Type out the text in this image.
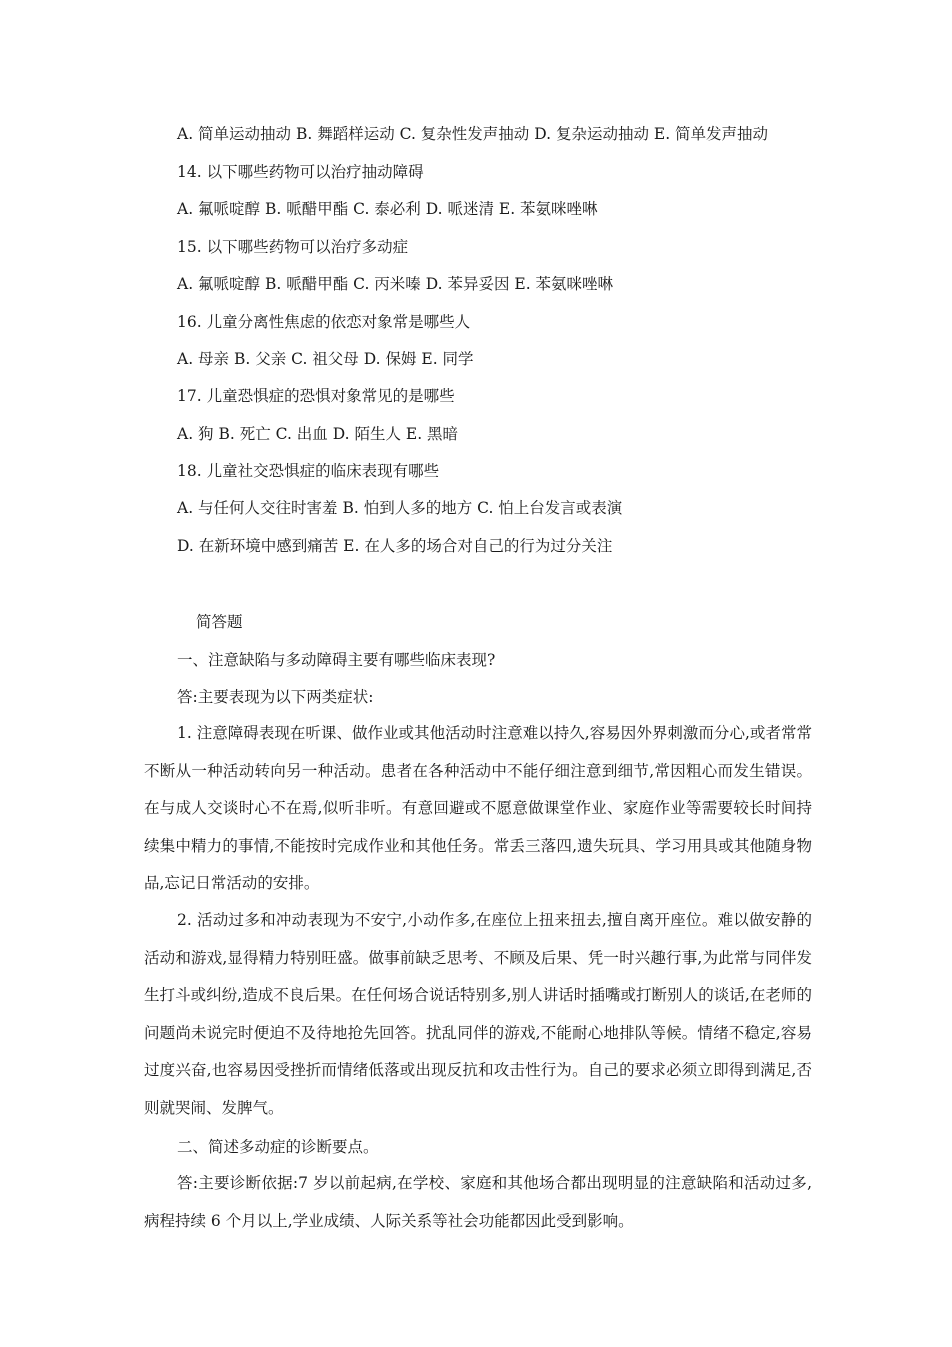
A. 简单运动抽动 B. 舞蹈样运动 C. 复杂性发声抽动 D. 复杂运动抽动 E. 简单发声抽动

14. 以下哪些药物可以治疗抽动障碍

A. 氟哌啶醇 B. 哌醋甲酯 C. 泰必利 D. 哌迷清 E. 苯氨咪唑啉

15. 以下哪些药物可以治疗多动症

A. 氟哌啶醇 B. 哌醋甲酯 C. 丙米嗪 D. 苯异妥因 E. 苯氨咪唑啉

16. 儿童分离性焦虑的依恋对象常是哪些人

A. 母亲 B. 父亲 C. 祖父母 D. 保姆 E. 同学

17. 儿童恐惧症的恐惧对象常见的是哪些

A. 狗 B. 死亡 C. 出血 D. 陌生人 E. 黑暗

18. 儿童社交恐惧症的临床表现有哪些

A. 与任何人交往时害羞 B. 怕到人多的地方 C. 怕上台发言或表演

D. 在新环境中感到痛苦 E. 在人多的场合对自己的行为过分关注

简答题

一、注意缺陷与多动障碍主要有哪些临床表现?

答:主要表现为以下两类症状:

1. 注意障碍表现在听课、做作业或其他活动时注意难以持久,容易因外界刺激而分心,或者常常不断从一种活动转向另一种活动。患者在各种活动中不能仔细注意到细节,常因粗心而发生错误。在与成人交谈时心不在焉,似听非听。有意回避或不愿意做课堂作业、家庭作业等需要较长时间持续集中精力的事情,不能按时完成作业和其他任务。常丢三落四,遗失玩具、学习用具或其他随身物品,忘记日常活动的安排。

2. 活动过多和冲动表现为不安宁,小动作多,在座位上扭来扭去,擅自离开座位。难以做安静的活动和游戏,显得精力特别旺盛。做事前缺乏思考、不顾及后果、凭一时兴趣行事,为此常与同伴发生打斗或纠纷,造成不良后果。在任何场合说话特别多,别人讲话时插嘴或打断别人的谈话,在老师的问题尚未说完时便迫不及待地抢先回答。扰乱同伴的游戏,不能耐心地排队等候。情绪不稳定,容易过度兴奋,也容易因受挫折而情绪低落或出现反抗和攻击性行为。自己的要求必须立即得到满足,否则就哭闹、发脾气。

二、简述多动症的诊断要点。

答:主要诊断依据:7 岁以前起病,在学校、家庭和其他场合都出现明显的注意缺陷和活动过多,病程持续 6 个月以上,学业成绩、人际关系等社会功能都因此受到影响。
